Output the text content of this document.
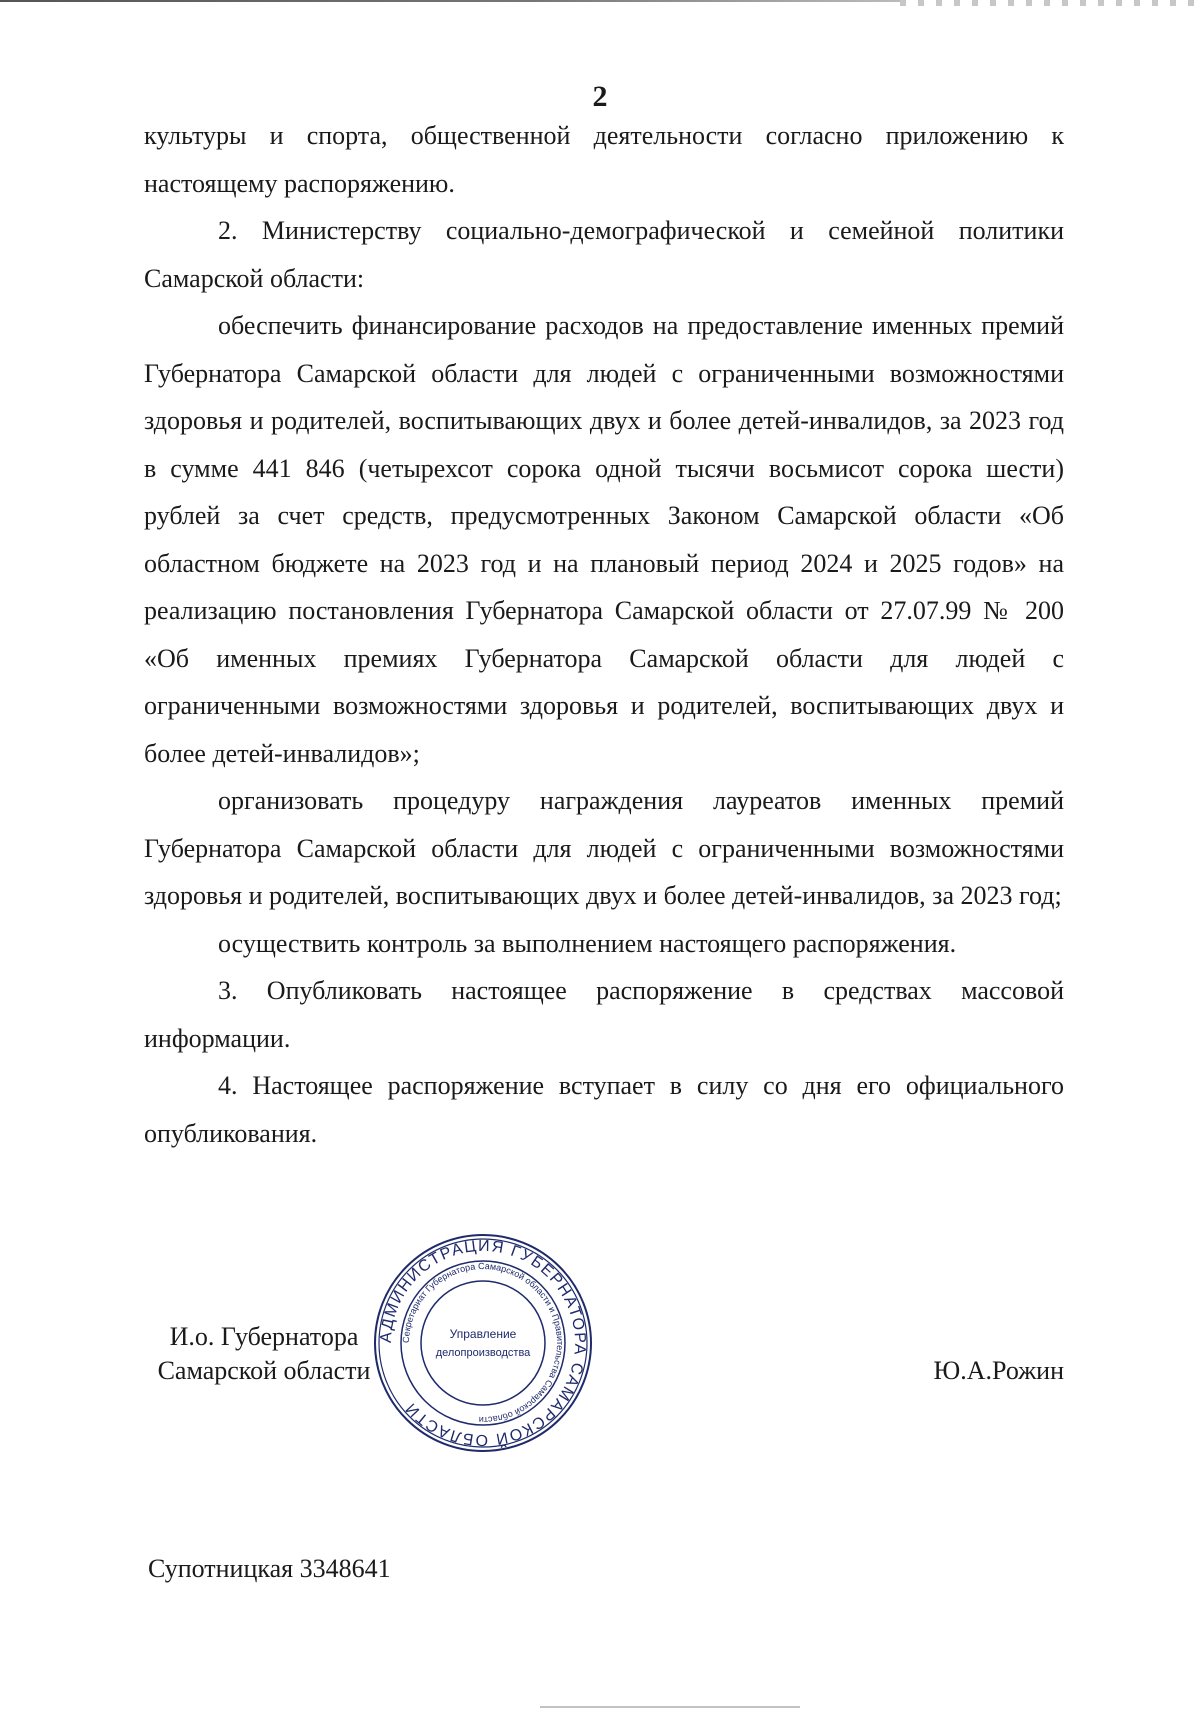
2

культуры и спорта, общественной деятельности согласно приложению к настоящему распоряжению.

2. Министерству социально-демографической и семейной политики Самарской области:

обеспечить финансирование расходов на предоставление именных премий Губернатора Самарской области для людей с ограниченными возможностями здоровья и родителей, воспитывающих двух и более детей-инвалидов, за 2023 год в сумме 441 846 (четырехсот сорока одной тысячи восьмисот сорока шести) рублей за счет средств, предусмотренных Законом Самарской области «Об областном бюджете на 2023 год и на плановый период 2024 и 2025 годов» на реализацию постановления Губернатора Самарской области от 27.07.99 № 200 «Об именных премиях Губернатора Самарской области для людей с ограниченными возможностями здоровья и родителей, воспитывающих двух и более детей-инвалидов»;

организовать процедуру награждения лауреатов именных премий Губернатора Самарской области для людей с ограниченными возможностями здоровья и родителей, воспитывающих двух и более детей-инвалидов, за 2023 год;

осуществить контроль за выполнением настоящего распоряжения.

3. Опубликовать настоящее распоряжение в средствах массовой информации.

4. Настоящее распоряжение вступает в силу со дня его официального опубликования.

И.о. Губернатора
Самарской области	Ю.А.Рожин
АДМИНИСТРАЦИЯ ГУБЕРНАТОРА САМАРСКОЙ ОБЛАСТИ
Секретариат Губернатора Самарской области и Правительства Самарской области
Управление
делопроизводства
Супотницкая 3348641
